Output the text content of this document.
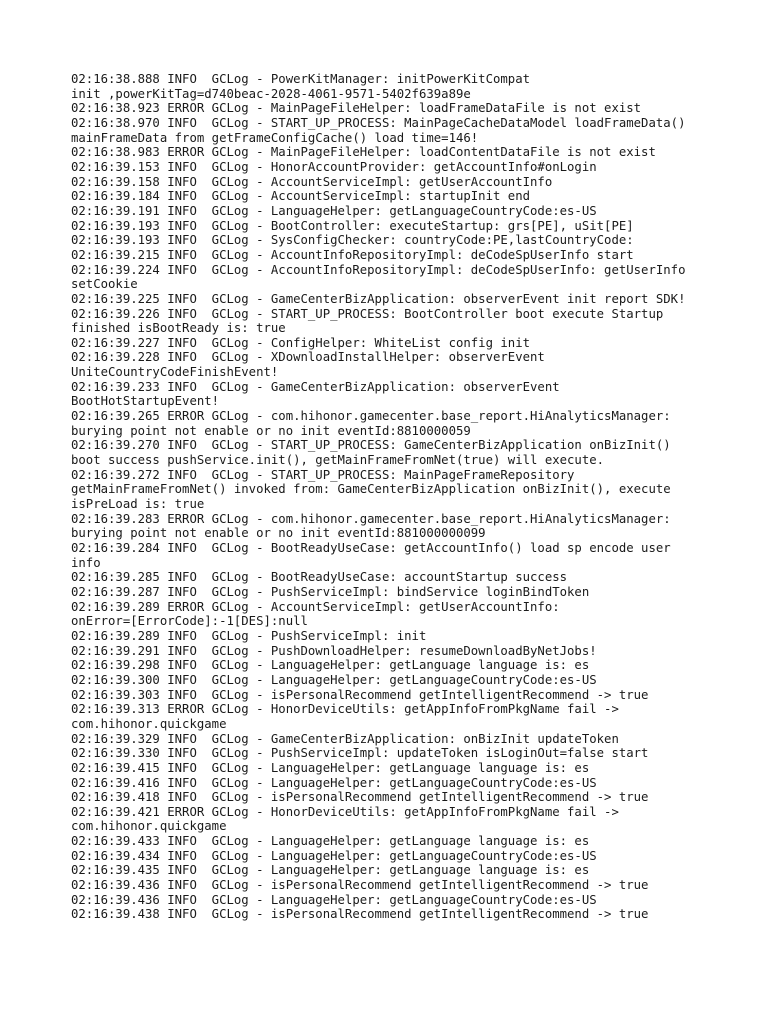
02:16:38.888 INFO  GCLog - PowerKitManager: initPowerKitCompat
init ,powerKitTag=d740beac-2028-4061-9571-5402f639a89e
02:16:38.923 ERROR GCLog - MainPageFileHelper: loadFrameDataFile is not exist
02:16:38.970 INFO  GCLog - START_UP_PROCESS: MainPageCacheDataModel loadFrameData()
mainFrameData from getFrameConfigCache() load time=146!
02:16:38.983 ERROR GCLog - MainPageFileHelper: loadContentDataFile is not exist
02:16:39.153 INFO  GCLog - HonorAccountProvider: getAccountInfo#onLogin
02:16:39.158 INFO  GCLog - AccountServiceImpl: getUserAccountInfo
02:16:39.184 INFO  GCLog - AccountServiceImpl: startupInit end
02:16:39.191 INFO  GCLog - LanguageHelper: getLanguageCountryCode:es-US
02:16:39.193 INFO  GCLog - BootController: executeStartup: grs[PE], uSit[PE]
02:16:39.193 INFO  GCLog - SysConfigChecker: countryCode:PE,lastCountryCode:
02:16:39.215 INFO  GCLog - AccountInfoRepositoryImpl: deCodeSpUserInfo start
02:16:39.224 INFO  GCLog - AccountInfoRepositoryImpl: deCodeSpUserInfo: getUserInfo
setCookie
02:16:39.225 INFO  GCLog - GameCenterBizApplication: observerEvent init report SDK!
02:16:39.226 INFO  GCLog - START_UP_PROCESS: BootController boot execute Startup
finished isBootReady is: true
02:16:39.227 INFO  GCLog - ConfigHelper: WhiteList config init
02:16:39.228 INFO  GCLog - XDownloadInstallHelper: observerEvent
UniteCountryCodeFinishEvent!
02:16:39.233 INFO  GCLog - GameCenterBizApplication: observerEvent
BootHotStartupEvent!
02:16:39.265 ERROR GCLog - com.hihonor.gamecenter.base_report.HiAnalyticsManager:
burying point not enable or no init eventId:8810000059
02:16:39.270 INFO  GCLog - START_UP_PROCESS: GameCenterBizApplication onBizInit()
boot success pushService.init(), getMainFrameFromNet(true) will execute.
02:16:39.272 INFO  GCLog - START_UP_PROCESS: MainPageFrameRepository
getMainFrameFromNet() invoked from: GameCenterBizApplication onBizInit(), execute
isPreLoad is: true
02:16:39.283 ERROR GCLog - com.hihonor.gamecenter.base_report.HiAnalyticsManager:
burying point not enable or no init eventId:881000000099
02:16:39.284 INFO  GCLog - BootReadyUseCase: getAccountInfo() load sp encode user
info
02:16:39.285 INFO  GCLog - BootReadyUseCase: accountStartup success
02:16:39.287 INFO  GCLog - PushServiceImpl: bindService loginBindToken
02:16:39.289 ERROR GCLog - AccountServiceImpl: getUserAccountInfo:
onError=[ErrorCode]:-1[DES]:null
02:16:39.289 INFO  GCLog - PushServiceImpl: init
02:16:39.291 INFO  GCLog - PushDownloadHelper: resumeDownloadByNetJobs!
02:16:39.298 INFO  GCLog - LanguageHelper: getLanguage language is: es
02:16:39.300 INFO  GCLog - LanguageHelper: getLanguageCountryCode:es-US
02:16:39.303 INFO  GCLog - isPersonalRecommend getIntelligentRecommend -> true
02:16:39.313 ERROR GCLog - HonorDeviceUtils: getAppInfoFromPkgName fail ->
com.hihonor.quickgame
02:16:39.329 INFO  GCLog - GameCenterBizApplication: onBizInit updateToken
02:16:39.330 INFO  GCLog - PushServiceImpl: updateToken isLoginOut=false start
02:16:39.415 INFO  GCLog - LanguageHelper: getLanguage language is: es
02:16:39.416 INFO  GCLog - LanguageHelper: getLanguageCountryCode:es-US
02:16:39.418 INFO  GCLog - isPersonalRecommend getIntelligentRecommend -> true
02:16:39.421 ERROR GCLog - HonorDeviceUtils: getAppInfoFromPkgName fail ->
com.hihonor.quickgame
02:16:39.433 INFO  GCLog - LanguageHelper: getLanguage language is: es
02:16:39.434 INFO  GCLog - LanguageHelper: getLanguageCountryCode:es-US
02:16:39.435 INFO  GCLog - LanguageHelper: getLanguage language is: es
02:16:39.436 INFO  GCLog - isPersonalRecommend getIntelligentRecommend -> true
02:16:39.436 INFO  GCLog - LanguageHelper: getLanguageCountryCode:es-US
02:16:39.438 INFO  GCLog - isPersonalRecommend getIntelligentRecommend -> true
